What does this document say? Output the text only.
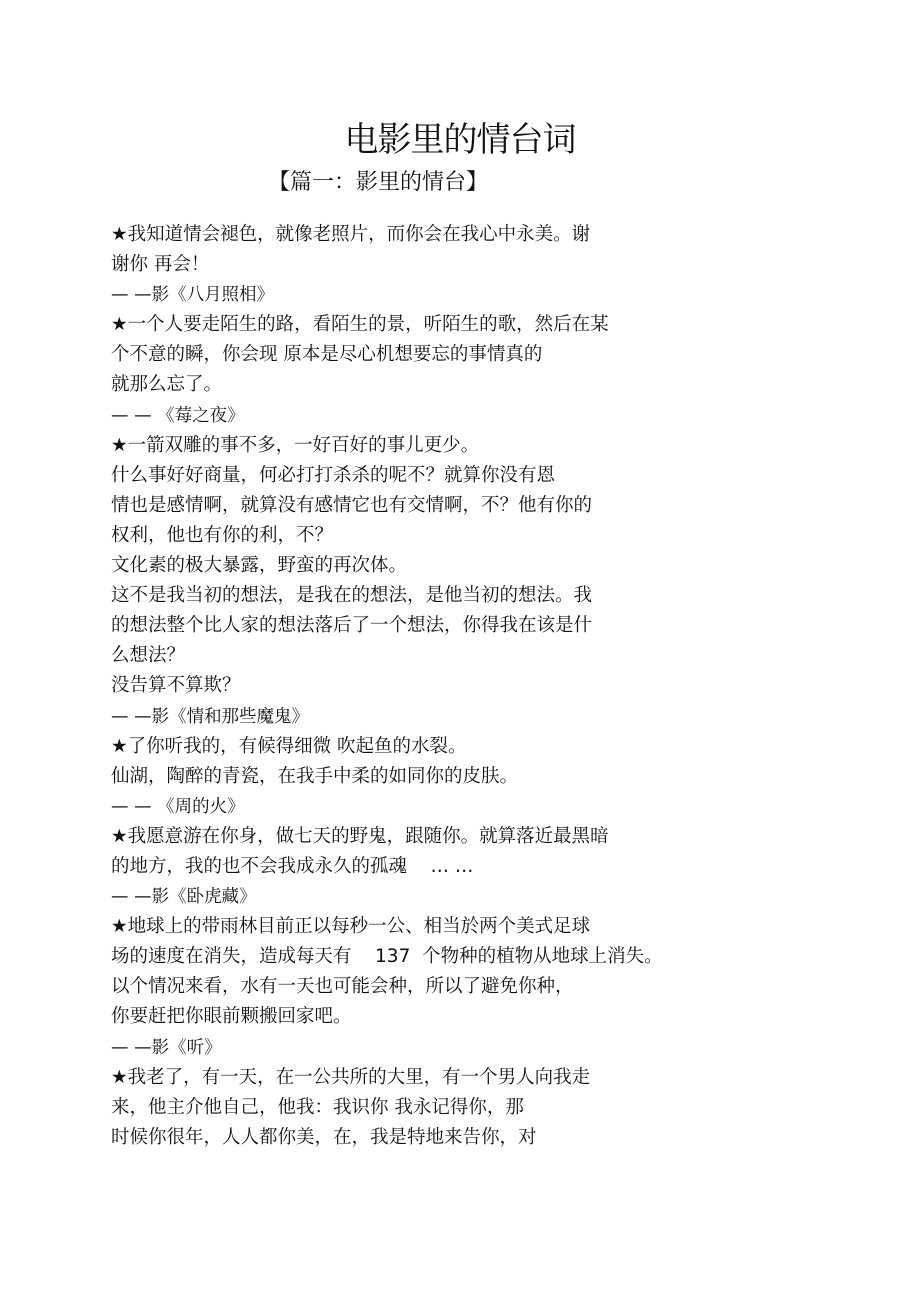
电影里的情台词
【篇一：影里的情台】
★我知道情会褪色，就像老照片，而你会在我心中永美。谢
谢你 再会！
— —影《八月照相》
★一个人要走陌生的路，看陌生的景，听陌生的歌，然后在某
个不意的瞬，你会现 原本是尽心机想要忘的事情真的
就那么忘了。
— — 《莓之夜》
★一箭双雕的事不多，一好百好的事儿更少。
什么事好好商量，何必打打杀杀的呢不？就算你没有恩
情也是感情啊，就算没有感情它也有交情啊，不？他有你的
权利，他也有你的利，不？
文化素的极大暴露，野蛮的再次体。
这不是我当初的想法，是我在的想法，是他当初的想法。我
的想法整个比人家的想法落后了一个想法，你得我在该是什
么想法？
没告算不算欺？
— —影《情和那些魔鬼》
★了你听我的，有候得细微 吹起鱼的水裂。
仙湖，陶醉的青瓷，在我手中柔的如同你的皮肤。
— — 《周的火》
★我愿意游在你身，做七天的野鬼，跟随你。就算落近最黑暗
的地方，我的也不会我成永久的孤魂    … …
— —影《卧虎藏》
★地球上的带雨林目前正以每秒一公、相当於两个美式足球
场的速度在消失，造成每天有    137  个物种的植物从地球上消失。
以个情况来看，水有一天也可能会种，所以了避免你种，
你要赶把你眼前颗搬回家吧。
— —影《听》
★我老了，有一天，在一公共所的大里，有一个男人向我走
来，他主介他自己，他我：我识你 我永记得你，那
时候你很年，人人都你美，在，我是特地来告你，对
